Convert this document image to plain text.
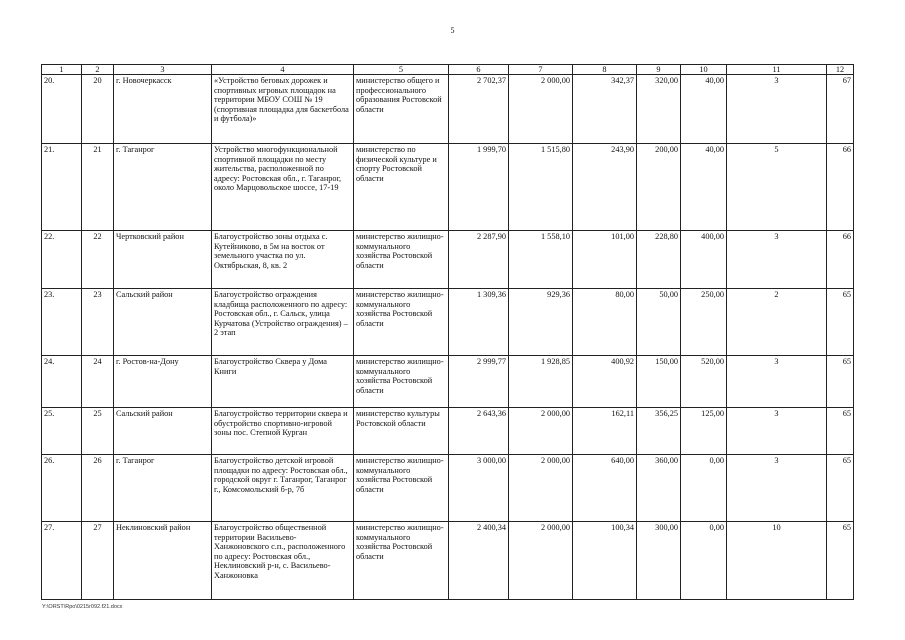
5
1	2	3	4	5	6	7	8	9	10	11	12
20.	20	г. Новочеркасск	«Устройство беговых дорожек и спортивных игровых площадок на территории МБОУ СОШ № 19 (спортивная площадка для баскетбола и футбола)»	министерство общего и профессионального образования Ростовской области	2 702,37	2 000,00	342,37	320,00	40,00	3	67
21.	21	г. Таганрог	Устройство многофункциональной спортивной площадки по месту жительства, расположенной по адресу: Ростовская обл., г. Таганрог, около Марцовольское шоссе, 17-19	министерство по физической культуре и спорту Ростовской области	1 999,70	1 515,80	243,90	200,00	40,00	5	66
22.	22	Чертковский район	Благоустройство зоны отдыха с. Кутейниково, в 5м на восток от земельного участка по ул. Октябрьская, 8, кв. 2	министерство жилищно-коммунального хозяйства Ростовской области	2 287,90	1 558,10	101,00	228,80	400,00	3	66
23.	23	Сальский район	Благоустройство ограждения кладбища расположенного по адресу: Ростовская обл., г. Сальск, улица Курчатова (Устройство ограждения) – 2 этап	министерство жилищно-коммунального хозяйства Ростовской области	1 309,36	929,36	80,00	50,00	250,00	2	65
24.	24	г. Ростов-на-Дону	Благоустройство Сквера у Дома Книги	министерство жилищно-коммунального хозяйства Ростовской области	2 999,77	1 928,85	400,92	150,00	520,00	3	65
25.	25	Сальский район	Благоустройство территории сквера и обустройство спортивно-игровой зоны пос. Степной Курган	министерство культуры Ростовской области	2 643,36	2 000,00	162,11	356,25	125,00	3	65
26.	26	г. Таганрог	Благоустройство детской игровой площадки по адресу: Ростовская обл., городской округ г. Таганрог, Таганрог г., Комсомольский б-р, 7б	министерство жилищно-коммунального хозяйства Ростовской области	3 000,00	2 000,00	640,00	360,00	0,00	3	65
27.	27	Неклиновский район	Благоустройство общественной территории Васильево-Ханжоновского с.п., расположенного по адресу: Ростовская обл., Неклиновский р-н, с. Васильево-Ханжоновка	министерство жилищно-коммунального хозяйства Ростовской области	2 400,34	2 000,00	100,34	300,00	0,00	10	65
Y:\ORST\Rpo\0215r092.f21.docx
